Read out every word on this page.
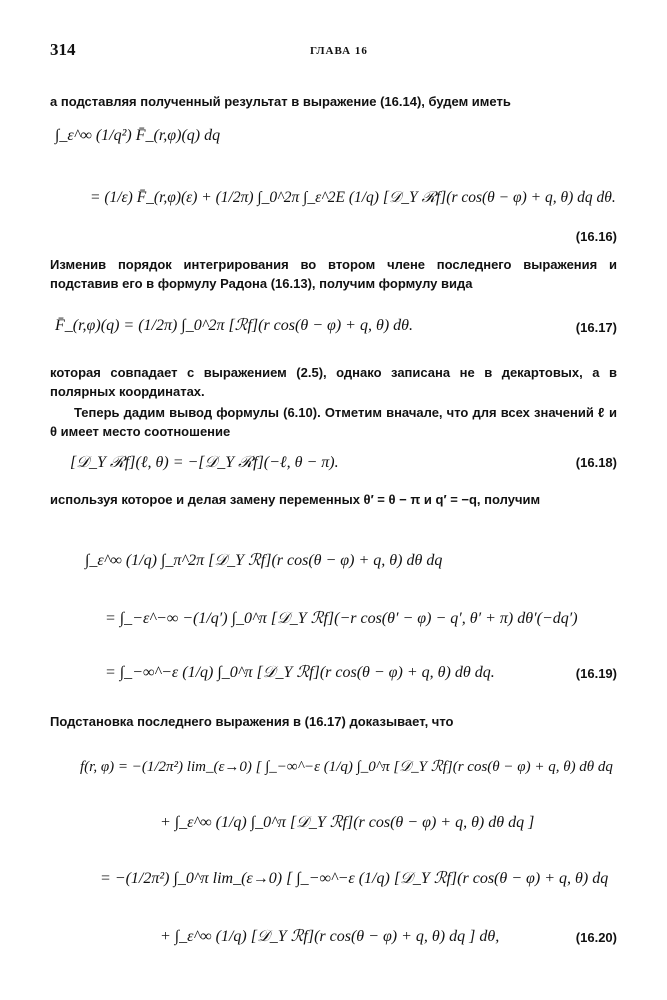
314	ГЛАВА 16
а подставляя полученный результат в выражение (16.14), будем иметь
∫_ε^∞ (1/q²) F̄_(r,φ)(q) dq
= (1/ε) F̄_(r,φ)(ε) + (1/2π) ∫_0^2π ∫_ε^2E (1/q) [𝒟_Y ℛf](r cos(θ − φ) + q, θ) dq dθ.
(16.16)
Изменив порядок интегрирования во втором члене последнего выражения и подставив его в формулу Радона (16.13), получим формулу вида
F̄_(r,φ)(q) = (1/2π) ∫_0^2π [ℛf](r cos(θ − φ) + q, θ) dθ.	(16.17)
которая совпадает с выражением (2.5), однако записана не в декартовых, а в полярных координатах.
Теперь дадим вывод формулы (6.10). Отметим вначале, что для всех значений ℓ и θ имеет место соотношение
[𝒟_Y ℛf](ℓ, θ) = −[𝒟_Y ℛf](−ℓ, θ − π).	(16.18)
используя которое и делая замену переменных θ′ = θ − π и q′ = −q, получим
∫_ε^∞ (1/q) ∫_π^2π [𝒟_Y ℛf](r cos(θ − φ) + q, θ) dθ dq
= ∫_−ε^−∞ −(1/q′) ∫_0^π [𝒟_Y ℛf](−r cos(θ′ − φ) − q′, θ′ + π) dθ′(−dq′)
= ∫_−∞^−ε (1/q) ∫_0^π [𝒟_Y ℛf](r cos(θ − φ) + q, θ) dθ dq.	(16.19)
Подстановка последнего выражения в (16.17) доказывает, что
f(r, φ) = −(1/2π²) lim_(ε→0) [ ∫_−∞^−ε (1/q) ∫_0^π [𝒟_Y ℛf](r cos(θ − φ) + q, θ) dθ dq
+ ∫_ε^∞ (1/q) ∫_0^π [𝒟_Y ℛf](r cos(θ − φ) + q, θ) dθ dq ]
= −(1/2π²) ∫_0^π lim_(ε→0) [ ∫_−∞^−ε (1/q) [𝒟_Y ℛf](r cos(θ − φ) + q, θ) dq
+ ∫_ε^∞ (1/q) [𝒟_Y ℛf](r cos(θ − φ) + q, θ) dq ] dθ,	(16.20)
